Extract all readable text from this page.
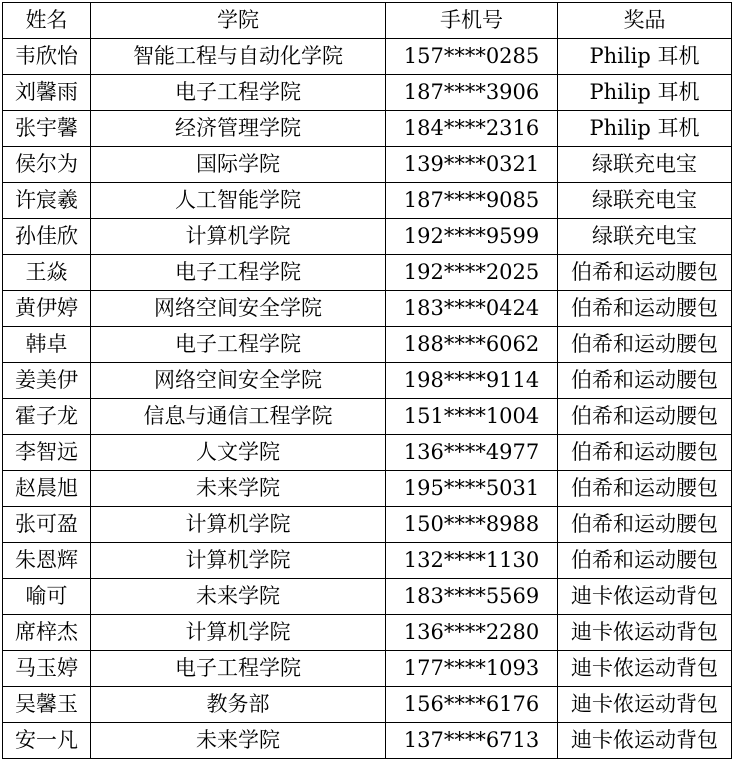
姓名	学院	手机号	奖品
韦欣怡	智能工程与自动化学院	157****0285	Philip 耳机
刘馨雨	电子工程学院	187****3906	Philip 耳机
张宇馨	经济管理学院	184****2316	Philip 耳机
侯尔为	国际学院	139****0321	绿联充电宝
许宸羲	人工智能学院	187****9085	绿联充电宝
孙佳欣	计算机学院	192****9599	绿联充电宝
王焱	电子工程学院	192****2025	伯希和运动腰包
黄伊婷	网络空间安全学院	183****0424	伯希和运动腰包
韩卓	电子工程学院	188****6062	伯希和运动腰包
姜美伊	网络空间安全学院	198****9114	伯希和运动腰包
霍子龙	信息与通信工程学院	151****1004	伯希和运动腰包
李智远	人文学院	136****4977	伯希和运动腰包
赵晨旭	未来学院	195****5031	伯希和运动腰包
张可盈	计算机学院	150****8988	伯希和运动腰包
朱恩辉	计算机学院	132****1130	伯希和运动腰包
喻可	未来学院	183****5569	迪卡侬运动背包
席梓杰	计算机学院	136****2280	迪卡侬运动背包
马玉婷	电子工程学院	177****1093	迪卡侬运动背包
吴馨玉	教务部	156****6176	迪卡侬运动背包
安一凡	未来学院	137****6713	迪卡侬运动背包
